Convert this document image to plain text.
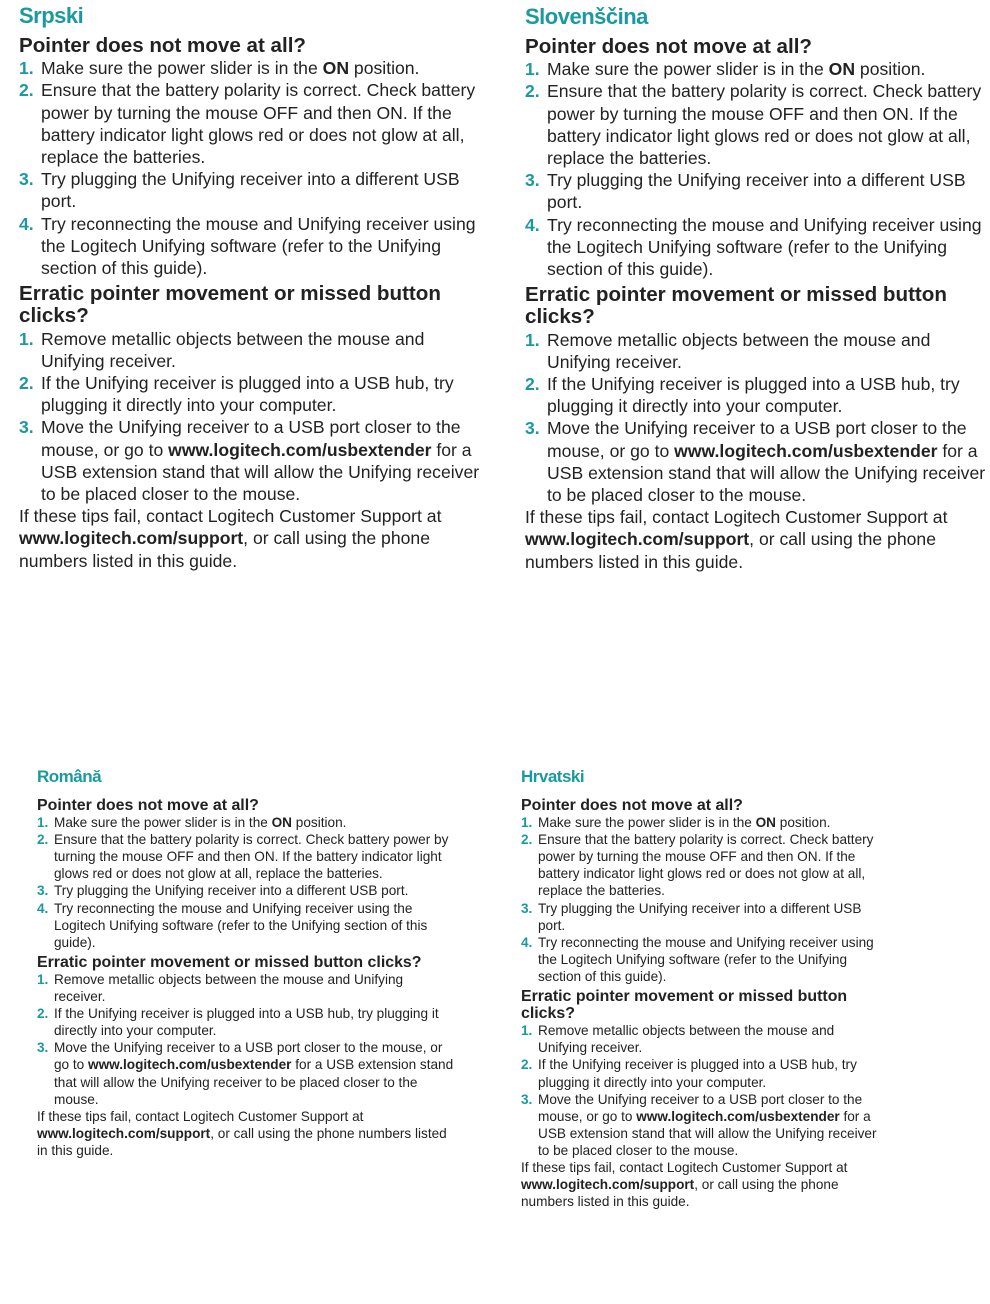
Srpski
Pointer does not move at all?
1. Make sure the power slider is in the ON position.
2. Ensure that the battery polarity is correct. Check battery power by turning the mouse OFF and then ON. If the battery indicator light glows red or does not glow at all, replace the batteries.
3. Try plugging the Unifying receiver into a different USB port.
4. Try reconnecting the mouse and Unifying receiver using the Logitech Unifying software (refer to the Unifying section of this guide).
Erratic pointer movement or missed button clicks?
1. Remove metallic objects between the mouse and Unifying receiver.
2. If the Unifying receiver is plugged into a USB hub, try plugging it directly into your computer.
3. Move the Unifying receiver to a USB port closer to the mouse, or go to www.logitech.com/usbextender for a USB extension stand that will allow the Unifying receiver to be placed closer to the mouse.

If these tips fail, contact Logitech Customer Support at www.logitech.com/support, or call using the phone numbers listed in this guide.

Slovenščina
Pointer does not move at all?
1. Make sure the power slider is in the ON position.
2. Ensure that the battery polarity is correct. Check battery power by turning the mouse OFF and then ON. If the battery indicator light glows red or does not glow at all, replace the batteries.
3. Try plugging the Unifying receiver into a different USB port.
4. Try reconnecting the mouse and Unifying receiver using the Logitech Unifying software (refer to the Unifying section of this guide).
Erratic pointer movement or missed button clicks?
1. Remove metallic objects between the mouse and Unifying receiver.
2. If the Unifying receiver is plugged into a USB hub, try plugging it directly into your computer.
3. Move the Unifying receiver to a USB port closer to the mouse, or go to www.logitech.com/usbextender for a USB extension stand that will allow the Unifying receiver to be placed closer to the mouse.

If these tips fail, contact Logitech Customer Support at www.logitech.com/support, or call using the phone numbers listed in this guide.

Română
Pointer does not move at all?
1. Make sure the power slider is in the ON position.
2. Ensure that the battery polarity is correct. Check battery power by turning the mouse OFF and then ON. If the battery indicator light glows red or does not glow at all, replace the batteries.
3. Try plugging the Unifying receiver into a different USB port.
4. Try reconnecting the mouse and Unifying receiver using the Logitech Unifying software (refer to the Unifying section of this guide).
Erratic pointer movement or missed button clicks?
1. Remove metallic objects between the mouse and Unifying receiver.
2. If the Unifying receiver is plugged into a USB hub, try plugging it directly into your computer.
3. Move the Unifying receiver to a USB port closer to the mouse, or go to www.logitech.com/usbextender for a USB extension stand that will allow the Unifying receiver to be placed closer to the mouse.

If these tips fail, contact Logitech Customer Support at www.logitech.com/support, or call using the phone numbers listed in this guide.

Hrvatski
Pointer does not move at all?
1. Make sure the power slider is in the ON position.
2. Ensure that the battery polarity is correct. Check battery power by turning the mouse OFF and then ON. If the battery indicator light glows red or does not glow at all, replace the batteries.
3. Try plugging the Unifying receiver into a different USB port.
4. Try reconnecting the mouse and Unifying receiver using the Logitech Unifying software (refer to the Unifying section of this guide).
Erratic pointer movement or missed button clicks?
1. Remove metallic objects between the mouse and Unifying receiver.
2. If the Unifying receiver is plugged into a USB hub, try plugging it directly into your computer.
3. Move the Unifying receiver to a USB port closer to the mouse, or go to www.logitech.com/usbextender for a USB extension stand that will allow the Unifying receiver to be placed closer to the mouse.

If these tips fail, contact Logitech Customer Support at www.logitech.com/support, or call using the phone numbers listed in this guide.
